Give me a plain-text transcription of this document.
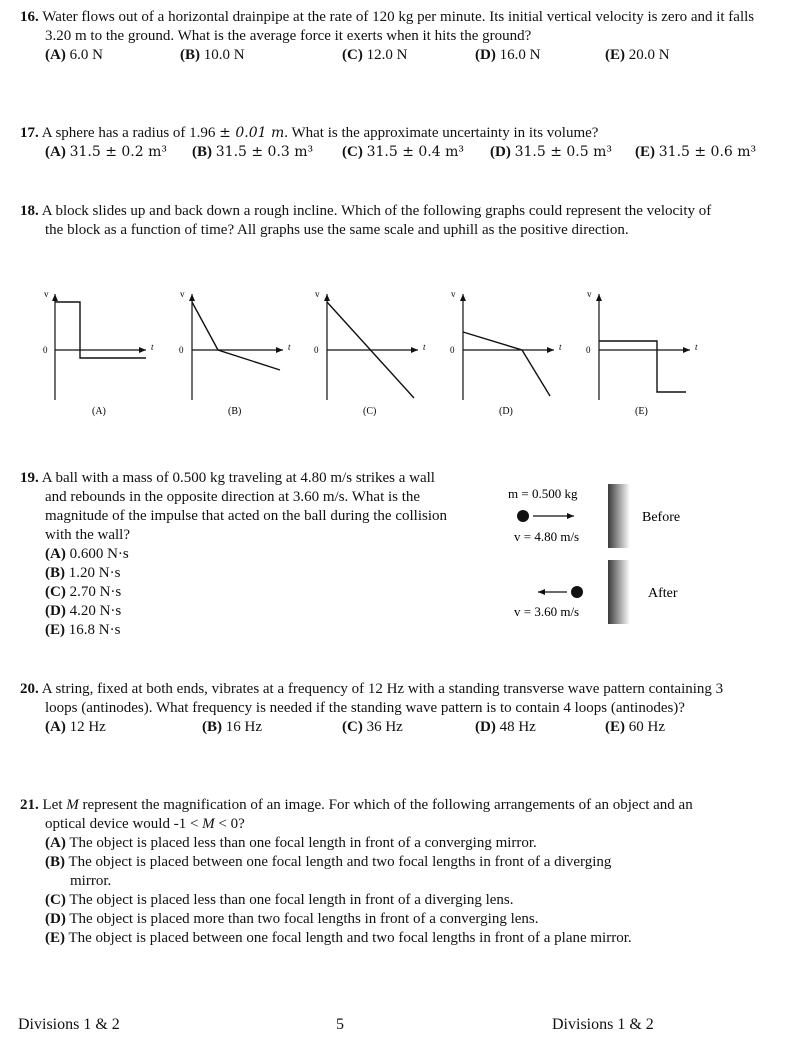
16. Water flows out of a horizontal drainpipe at the rate of 120 kg per minute. Its initial vertical velocity is zero and it falls 3.20 m to the ground. What is the average force it exerts when it hits the ground?
(A) 6.0 N	(B) 10.0 N	(C) 12.0 N	(D) 16.0 N	(E) 20.0 N
17. A sphere has a radius of 1.96 ± 0.01 m. What is the approximate uncertainty in its volume?
(A) 31.5 ± 0.2 m³ (B) 31.5 ± 0.3 m³ (C) 31.5 ± 0.4 m³ (D) 31.5 ± 0.5 m³ (E) 31.5 ± 0.6 m³
18. A block slides up and back down a rough incline. Which of the following graphs could represent the velocity of the block as a function of time? All graphs use the same scale and uphill as the positive direction.
v
0	t
(A)
v
0	t
(B)
v
0	t
(C)
v
0	t
(D)
v
0	t
(E)
19. A ball with a mass of 0.500 kg traveling at 4.80 m/s strikes a wall and rebounds in the opposite direction at 3.60 m/s. What is the magnitude of the impulse that acted on the ball during the collision with the wall?
(A) 0.600 N·s
(B) 1.20 N·s
(C) 2.70 N·s
(D) 4.20 N·s
(E) 16.8 N·s
m = 0.500 kg
v = 4.80 m/s
Before
v = 3.60 m/s
After
20. A string, fixed at both ends, vibrates at a frequency of 12 Hz with a standing transverse wave pattern containing 3 loops (antinodes). What frequency is needed if the standing wave pattern is to contain 4 loops (antinodes)?
(A) 12 Hz	(B) 16 Hz	(C) 36 Hz	(D) 48 Hz	(E) 60 Hz
21. Let M represent the magnification of an image. For which of the following arrangements of an object and an optical device would -1 < M < 0?
(A) The object is placed less than one focal length in front of a converging mirror.
(B) The object is placed between one focal length and two focal lengths in front of a diverging
mirror.
(C) The object is placed less than one focal length in front of a diverging lens.
(D) The object is placed more than two focal lengths in front of a converging lens.
(E) The object is placed between one focal length and two focal lengths in front of a plane mirror.
Divisions 1 & 2	5	Divisions 1 & 2
